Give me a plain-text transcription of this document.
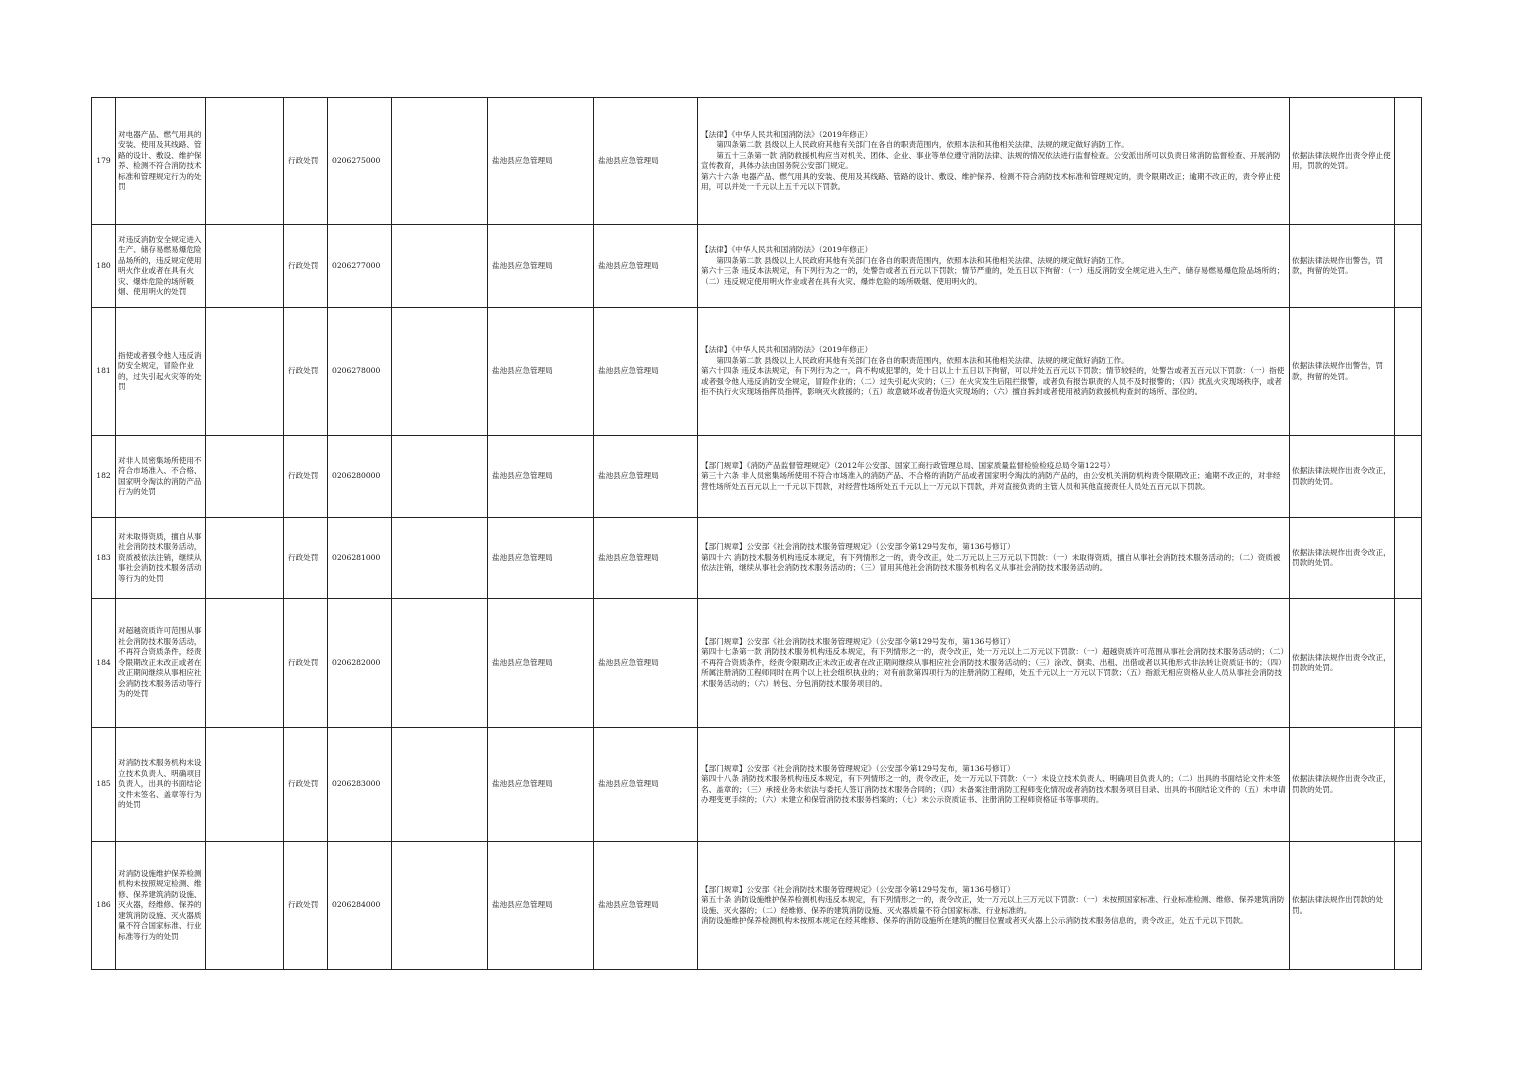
179	对电器产品、燃气用具的安装、使用及其线路、管路的设计、敷设、维护保养、检测不符合消防技术标准和管理规定行为的处罚		行政处罚	0206275000		盐池县应急管理局	盐池县应急管理局	【法律】《中华人民共和国消防法》（2019年修正）
第四条第二款 县级以上人民政府其他有关部门在各自的职责范围内，依照本法和其他相关法律、法规的规定做好消防工作。
第五十三条第一款 消防救援机构应当对机关、团体、企业、事业等单位遵守消防法律、法规的情况依法进行监督检查。公安派出所可以负责日常消防监督检查、开展消防宣传教育，具体办法由国务院公安部门规定。
第六十六条 电器产品、燃气用具的安装、使用及其线路、管路的设计、敷设、维护保养、检测不符合消防技术标准和管理规定的，责令限期改正；逾期不改正的，责令停止使用，可以并处一千元以上五千元以下罚款。	依据法律法规作出责令停止使用，罚款的处罚。	
180	对违反消防安全规定进入生产、储存易燃易爆危险品场所的，违反规定使用明火作业或者在具有火灾、爆炸危险的场所吸烟、使用明火的处罚		行政处罚	0206277000		盐池县应急管理局	盐池县应急管理局	【法律】《中华人民共和国消防法》（2019年修正）
第四条第二款 县级以上人民政府其他有关部门在各自的职责范围内，依照本法和其他相关法律、法规的规定做好消防工作。
第六十三条 违反本法规定，有下列行为之一的，处警告或者五百元以下罚款；情节严重的，处五日以下拘留：（一）违反消防安全规定进入生产、储存易燃易爆危险品场所的；（二）违反规定使用明火作业或者在具有火灾、爆炸危险的场所吸烟、使用明火的。	依据法律法规作出警告，罚 款，拘留的处罚。	
181	指使或者强令他人违反消防安全规定，冒险作业的，过失引起火灾等的处罚		行政处罚	0206278000		盐池县应急管理局	盐池县应急管理局	【法律】《中华人民共和国消防法》（2019年修正）
第四条第二款 县级以上人民政府其他有关部门在各自的职责范围内，依照本法和其他相关法律、法规的规定做好消防工作。
第六十四条 违反本法规定，有下列行为之一，尚不构成犯罪的，处十日以上十五日以下拘留，可以并处五百元以下罚款；情节较轻的，处警告或者五百元以下罚款：（一）指使或者强令他人违反消防安全规定，冒险作业的；（二）过失引起火灾的；（三）在火灾发生后阻拦报警，或者负有报告职责的人员不及时报警的；（四）扰乱火灾现场秩序，或者拒不执行火灾现场指挥员指挥，影响灭火救援的；（五）故意破坏或者伪造火灾现场的；（六）擅自拆封或者使用被消防救援机构查封的场所、部位的。	依据法律法规作出警告，罚 款，拘留的处罚。	
182	对非人员密集场所使用不符合市场准入、不合格、国家明令淘汰的消防产品行为的处罚		行政处罚	0206280000		盐池县应急管理局	盐池县应急管理局	【部门规章】《消防产品监督管理规定》（2012年公安部、国家工商行政管理总局、国家质量监督检验检疫总局令第122号）
第三十六条 非人员密集场所使用不符合市场准入的消防产品、不合格的消防产品或者国家明令淘汰的消防产品的，由公安机关消防机构责令限期改正；逾期不改正的，对非经营性场所处五百元以上一千元以下罚款，对经营性场所处五千元以上一万元以下罚款，并对直接负责的主管人员和其他直接责任人员处五百元以下罚款。	依据法律法规作出责令改正，罚款的处罚。	
183	对未取得资质，擅自从事社会消防技术服务活动，资质被依法注销，继续从事社会消防技术服务活动等行为的处罚		行政处罚	0206281000		盐池县应急管理局	盐池县应急管理局	【部门规章】公安部《社会消防技术服务管理规定》（公安部令第129号发布，第136号修订）
第四十六 消防技术服务机构违反本规定，有下列情形之一的，责令改正，处二万元以上三万元以下罚款：（一）未取得资质，擅自从事社会消防技术服务活动的；（二）资质被依法注销，继续从事社会消防技术服务活动的；（三）冒用其他社会消防技术服务机构名义从事社会消防技术服务活动的。	依据法律法规作出责令改正，罚款的处罚。	
184	对超越资质许可范围从事社会消防技术服务活动，不再符合资质条件，经责令限期改正未改正或者在改正期间继续从事相应社会消防技术服务活动等行为的处罚		行政处罚	0206282000		盐池县应急管理局	盐池县应急管理局	【部门规章】公安部《社会消防技术服务管理规定》（公安部令第129号发布，第136号修订）
第四十七条第一款 消防技术服务机构违反本规定，有下列情形之一的，责令改正，处一万元以上二万元以下罚款：（一）超越资质许可范围从事社会消防技术服务活动的；（二）不再符合资质条件，经责令限期改正未改正或者在改正期间继续从事相应社会消防技术服务活动的；（三）涂改、倒卖、出租、出借或者以其他形式非法转让资质证书的；（四）所属注册消防工程师同时在两个以上社会组织执业的；对有前款第四项行为的注册消防工程师，处五千元以上一万元以下罚款；（五）指派无相应资格从业人员从事社会消防技术服务活动的；（六）转包、分包消防技术服务项目的。	依据法律法规作出责令改正，罚款的处罚。	
185	对消防技术服务机构未设立技术负责人、明确项目负责人，出具的书面结论文件未签名、盖章等行为的处罚		行政处罚	0206283000		盐池县应急管理局	盐池县应急管理局	【部门规章】公安部《社会消防技术服务管理规定》（公安部令第129号发布，第136号修订）
第四十八条 消防技术服务机构违反本规定，有下列情形之一的，责令改正，处一万元以下罚款：（一）未设立技术负责人、明确项目负责人的；（二）出具的书面结论文件未签名、盖章的；（三）承接业务未依法与委托人签订消防技术服务合同的；（四）未备案注册消防工程师变化情况或者消防技术服务项目目录、出具的书面结论文件的（五）未申请办理变更手续的；（六）未建立和保管消防技术服务档案的；（七）未公示资质证书、注册消防工程师资格证书等事项的。	依据法律法规作出责令改正，罚款的处罚。	
186	对消防设施维护保养检测机构未按照规定检测、维修、保养建筑消防设施、灭火器，经维修、保养的建筑消防设施、灭火器质量不符合国家标准、行业标准等行为的处罚		行政处罚	0206284000		盐池县应急管理局	盐池县应急管理局	【部门规章】公安部《社会消防技术服务管理规定》（公安部令第129号发布，第136号修订）
第五十条 消防设施维护保养检测机构违反本规定，有下列情形之一的，责令改正，处一万元以上三万元以下罚款：（一）未按照国家标准、行业标准检测、维修、保养建筑消防设施、灭火器的；（二）经维修、保养的建筑消防设施、灭火器质量不符合国家标准、行业标准的。
消防设施维护保养检测机构未按照本规定在经其维修、保养的消防设施所在建筑的醒目位置或者灭火器上公示消防技术服务信息的，责令改正，处五千元以下罚款。	依据法律法规作出罚款的处罚。	
